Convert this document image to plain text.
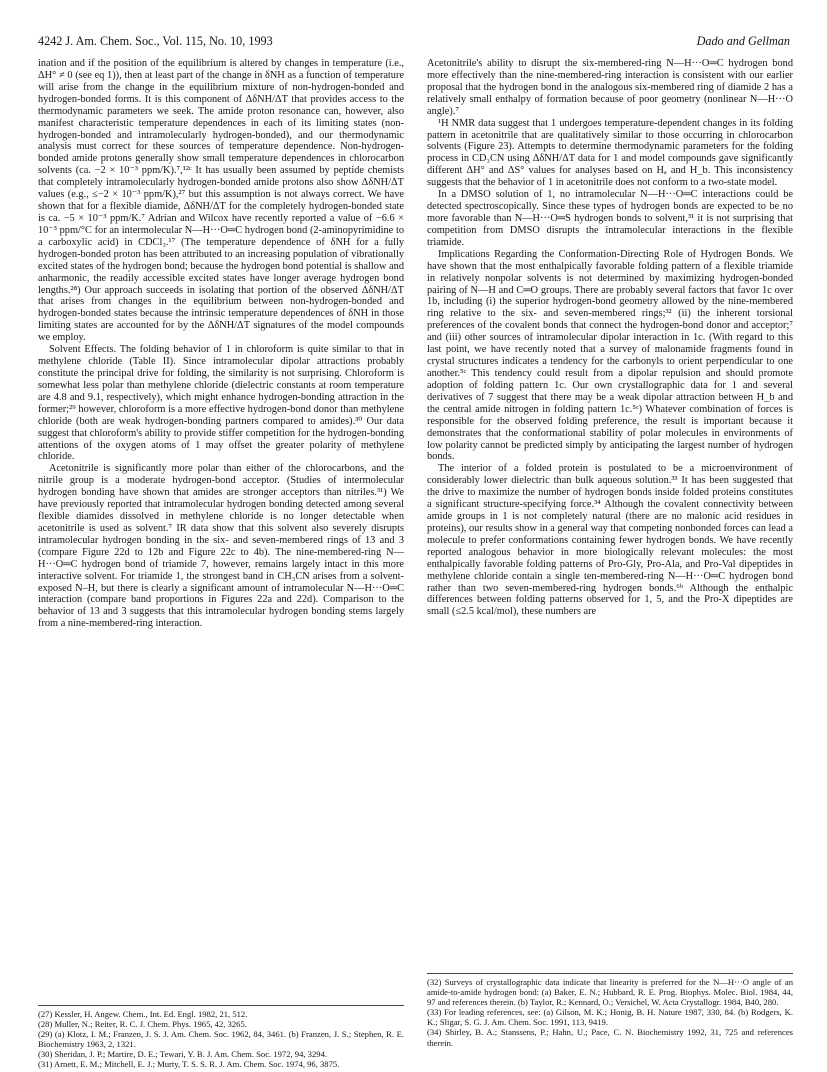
4242 J. Am. Chem. Soc., Vol. 115, No. 10, 1993	Dado and Gellman

ination and if the position of the equilibrium is altered by changes in temperature (i.e., ΔH° ≠ 0 (see eq 1)), then at least part of the change in δNH as a function of temperature will arise from the change in the equilibrium mixture of non-hydrogen-bonded and hydrogen-bonded forms. It is this component of ΔδNH/ΔT that provides access to the thermodynamic parameters we seek. The amide proton resonance can, however, also manifest characteristic temperature dependences in each of its limiting states (non-hydrogen-bonded and intramolecularly hydrogen-bonded), and our thermodynamic analysis must correct for these sources of temperature dependence. Non-hydrogen-bonded amide protons generally show small temperature dependences in chlorocarbon solvents (ca. −2 × 10⁻³ ppm/K).⁷,¹²ᶜ It has usually been assumed by peptide chemists that completely intramolecularly hydrogen-bonded amide protons also show ΔδNH/ΔT values (e.g., ≤−2 × 10⁻³ ppm/K),²⁷ but this assumption is not always correct. We have shown that for a flexible diamide, ΔδNH/ΔT for the completely hydrogen-bonded state is ca. −5 × 10⁻³ ppm/K.⁷ Adrian and Wilcox have recently reported a value of −6.6 × 10⁻³ ppm/°C for an intermolecular N—H···O═C hydrogen bond (2-aminopyrimidine to a carboxylic acid) in CDCl₃.¹⁷ (The temperature dependence of δNH for a fully hydrogen-bonded proton has been attributed to an increasing population of vibrationally excited states of the hydrogen bond; because the hydrogen bond potential is shallow and anharmonic, the readily accessible excited states have longer average hydrogen bond lengths.²⁸) Our approach succeeds in isolating that portion of the observed ΔδNH/ΔT that arises from changes in the equilibrium between non-hydrogen-bonded and hydrogen-bonded states because the intrinsic temperature dependences of δNH in those limiting states are accounted for by the ΔδNH/ΔT signatures of the model compounds we employ.

Solvent Effects. The folding behavior of 1 in chloroform is quite similar to that in methylene chloride (Table II). Since intramolecular dipolar attractions probably constitute the principal drive for folding, the similarity is not surprising. Chloroform is somewhat less polar than methylene chloride (dielectric constants at room temperature are 4.8 and 9.1, respectively), which might enhance hydrogen-bonding attraction in the former;²⁹ however, chloroform is a more effective hydrogen-bond donor than methylene chloride (both are weak hydrogen-bonding partners compared to amides).³⁰ Our data suggest that chloroform's ability to provide stiffer competition for the hydrogen-bonding attentions of the oxygen atoms of 1 may offset the greater polarity of methylene chloride.

Acetonitrile is significantly more polar than either of the chlorocarbons, and the nitrile group is a moderate hydrogen-bond acceptor. (Studies of intermolecular hydrogen bonding have shown that amides are stronger acceptors than nitriles.³¹) We have previously reported that intramolecular hydrogen bonding detected among several flexible diamides dissolved in methylene chloride is no longer detectable when acetonitrile is used as solvent.⁷ IR data show that this solvent also severely disrupts intramolecular hydrogen bonding in the six- and seven-membered rings of 13 and 3 (compare Figure 22d to 12b and Figure 22c to 4b). The nine-membered-ring N—H···O═C hydrogen bond of triamide 7, however, remains largely intact in this more interactive solvent. For triamide 1, the strongest band in CH₃CN arises from a solvent-exposed N–H, but there is clearly a significant amount of intramolecular N—H···O═C interaction (compare band proportions in Figures 22a and 22d). Comparison to the behavior of 13 and 3 suggests that this intramolecular hydrogen bonding stems largely from a nine-membered-ring interaction.

Acetonitrile's ability to disrupt the six-membered-ring N—H···O═C hydrogen bond more effectively than the nine-membered-ring interaction is consistent with our earlier proposal that the hydrogen bond in the analogous six-membered ring of diamide 2 has a relatively small enthalpy of formation because of poor geometry (nonlinear N—H···O angle).⁷

¹H NMR data suggest that 1 undergoes temperature-dependent changes in its folding pattern in acetonitrile that are qualitatively similar to those occurring in chlorocarbon solvents (Figure 23). Attempts to determine thermodynamic parameters for the folding process in CD₃CN using ΔδNH/ΔT data for 1 and model compounds gave significantly different ΔH° and ΔS° values for analyses based on Hₐ and H_b. This inconsistency suggests that the behavior of 1 in acetonitrile does not conform to a two-state model.

In a DMSO solution of 1, no intramolecular N—H···O═C interactions could be detected spectroscopically. Since these types of hydrogen bonds are expected to be no more favorable than N—H···O═S hydrogen bonds to solvent,³¹ it is not surprising that competition from DMSO disrupts the intramolecular interactions in the flexible triamide.

Implications Regarding the Conformation-Directing Role of Hydrogen Bonds. We have shown that the most enthalpically favorable folding pattern of a flexible triamide in relatively nonpolar solvents is not determined by maximizing hydrogen-bonded pairing of N—H and C═O groups. There are probably several factors that favor 1c over 1b, including (i) the superior hydrogen-bond geometry allowed by the nine-membered ring relative to the six- and seven-membered rings;³² (ii) the inherent torsional preferences of the covalent bonds that connect the hydrogen-bond donor and acceptor;⁷ and (iii) other sources of intramolecular dipolar interaction in 1c. (With regard to this last point, we have recently noted that a survey of malonamide fragments found in crystal structures indicates a tendency for the carbonyls to orient perpendicular to one another.⁵ᶜ This tendency could result from a dipolar repulsion and should promote adoption of folding pattern 1c. Our own crystallographic data for 1 and several derivatives of 7 suggest that there may be a weak dipolar attraction between H_b and the central amide nitrogen in folding pattern 1c.⁵ᶜ) Whatever combination of forces is responsible for the observed folding preference, the result is important because it demonstrates that the conformational stability of polar molecules in environments of low polarity cannot be predicted simply by anticipating the largest number of hydrogen bonds.

The interior of a folded protein is postulated to be a microenvironment of considerably lower dielectric than bulk aqueous solution.³³ It has been suggested that the drive to maximize the number of hydrogen bonds inside folded proteins constitutes a significant structure-specifying force.³⁴ Although the covalent connectivity between amide groups in 1 is not completely natural (there are no malonic acid residues in proteins), our results show in a general way that competing nonbonded forces can lead a molecule to prefer conformations containing fewer hydrogen bonds. We have recently reported analogous behavior in more biologically relevant molecules: the most enthalpically favorable folding patterns of Pro-Gly, Pro-Ala, and Pro-Val dipeptides in methylene chloride contain a single ten-membered-ring N—H···O═C hydrogen bond rather than two seven-membered-ring hydrogen bonds.⁶ᵇ Although the enthalpic differences between folding patterns observed for 1, 5, and the Pro-X dipeptides are small (≤2.5 kcal/mol), these numbers are

(27) Kessler, H. Angew. Chem., Int. Ed. Engl. 1982, 21, 512.

(28) Muller, N.; Reiter, R. C. J. Chem. Phys. 1965, 42, 3265.

(29) (a) Klotz, I. M.; Franzen, J. S. J. Am. Chem. Soc. 1962, 84, 3461. (b) Franzen, J. S.; Stephen, R. E. Biochemistry 1963, 2, 1321.

(30) Sheridan, J. P.; Martire, D. E.; Tewari, Y. B. J. Am. Chem. Soc. 1972, 94, 3294.

(31) Arnett, E. M.; Mitchell, E. J.; Murty, T. S. S. R. J. Am. Chem. Soc. 1974, 96, 3875.

(32) Surveys of crystallographic data indicate that linearity is preferred for the N—H···O angle of an amide-to-amide hydrogen bond: (a) Baker, E. N.; Hubbard, R. E. Prog. Biophys. Molec. Biol. 1984, 44, 97 and references therein. (b) Taylor, R.; Kennard, O.; Versichel, W. Acta Crystallogr. 1984, B40, 280.

(33) For leading references, see: (a) Gilson, M. K.; Honig, B. H. Nature 1987, 330, 84. (b) Rodgers, K. K.; Sligar, S. G. J. Am. Chem. Soc. 1991, 113, 9419.

(34) Shirley, B. A.; Stanssens, P.; Hahn, U.; Pace, C. N. Biochemistry 1992, 31, 725 and references therein.
